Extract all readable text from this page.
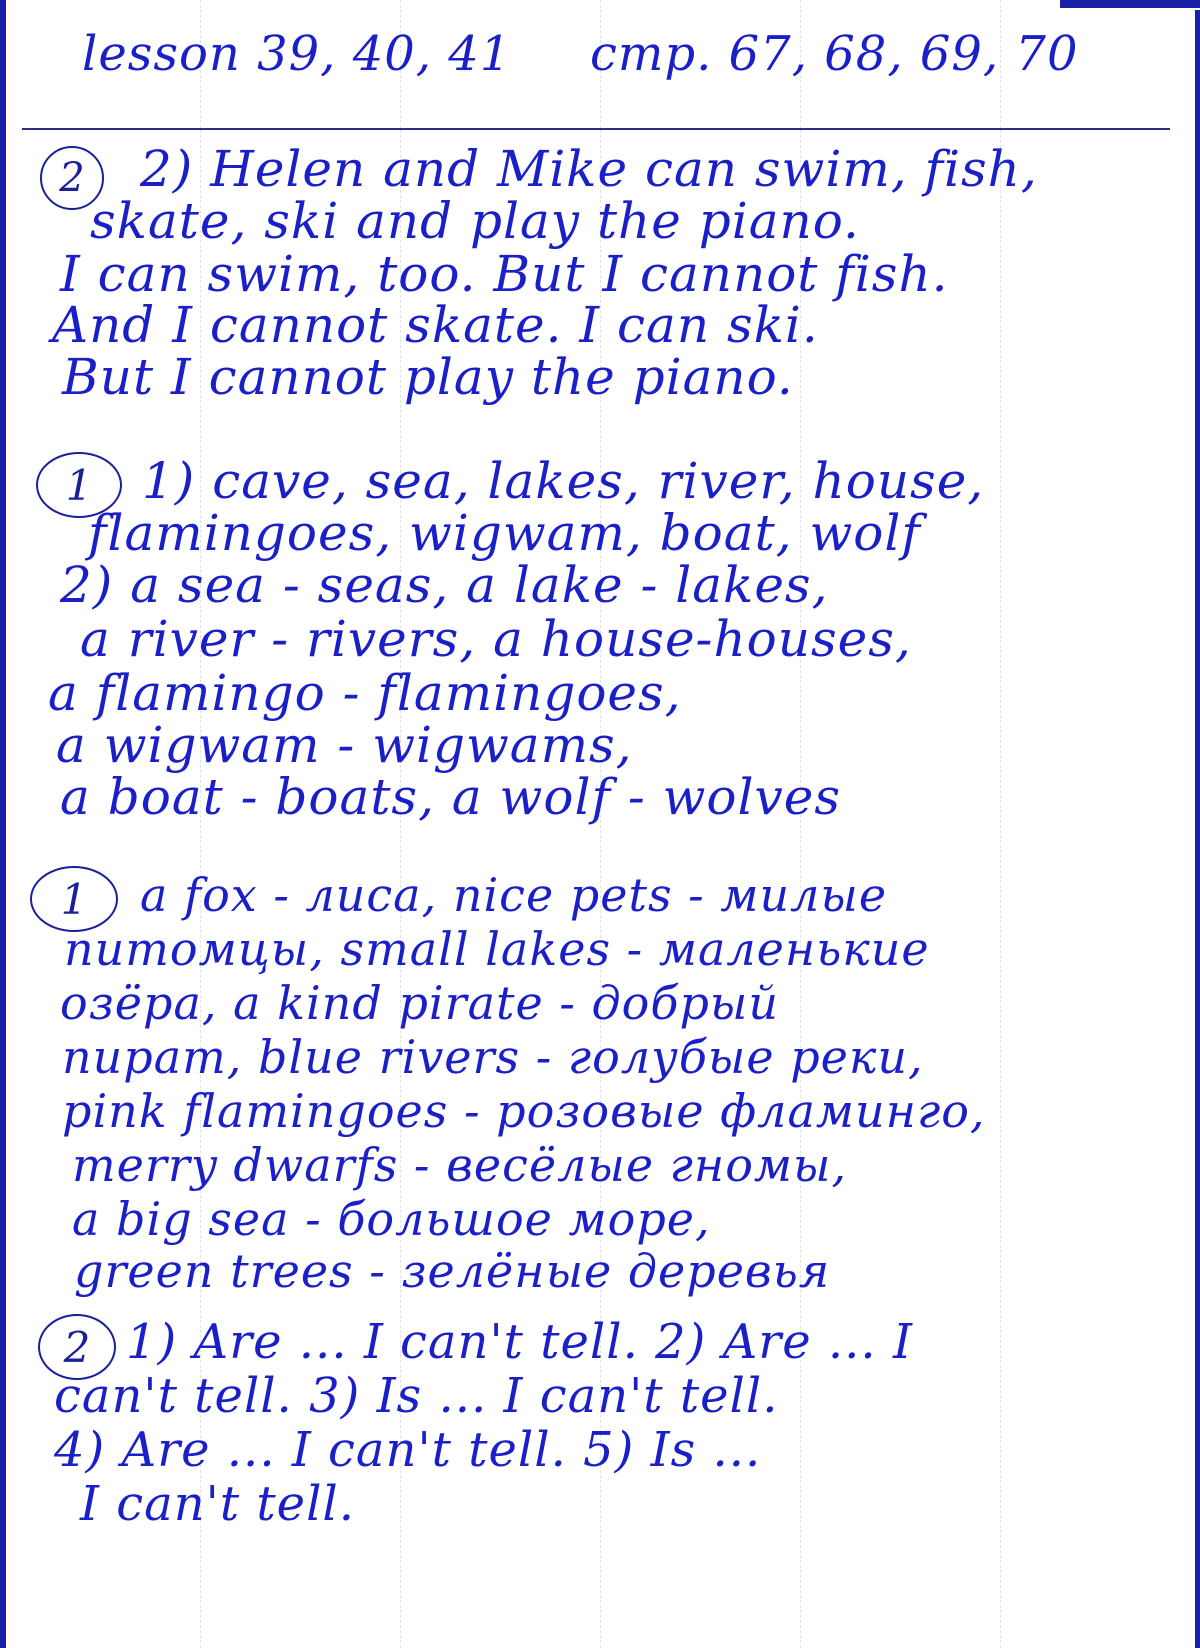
lesson 39, 40, 41 стр. 67, 68, 69, 70
2	2) Helen and Mike can swim, fish,
skate, ski and play the piano.
I can swim, too. But I cannot fish.
And I cannot skate. I can ski.
But I cannot play the piano.
1 1) cave, sea, lakes, river, house,
flamingoes, wigwam, boat, wolf
2) a sea - seas, a lake - lakes,
a river - rivers, a house-houses,
a flamingo - flamingoes,
a wigwam - wigwams,
a boat - boats, a wolf - wolves
1	a fox - лиса, nice pets - милые
питомцы, small lakes - маленькие
озёра, a kind pirate - добрый
пират, blue rivers - голубые реки,
pink flamingoes - розовые фламинго,
merry dwarfs - весёлые гномы,
a big sea - большое море,
green trees - зелёные деревья
2 1) Are ... I can't tell. 2) Are ... I
can't tell. 3) Is ... I can't tell.
4) Are ... I can't tell. 5) Is ...
I can't tell.
